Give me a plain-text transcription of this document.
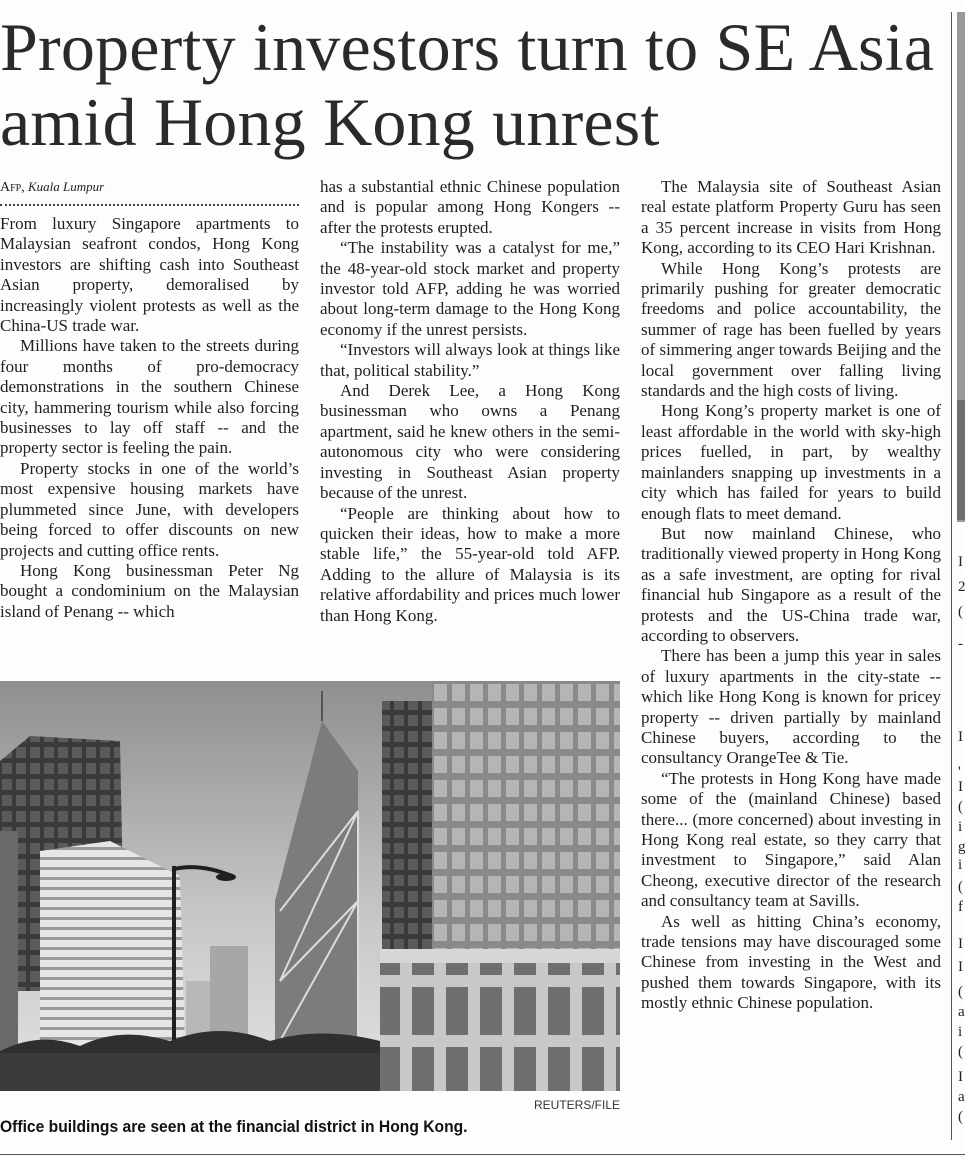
Property investors turn to SE Asia amid Hong Kong unrest
Afp, Kuala Lumpur

From luxury Singapore apartments to Malaysian seafront condos, Hong Kong investors are shifting cash into Southeast Asian property, demoralised by increasingly violent protests as well as the China-US trade war.

Millions have taken to the streets during four months of pro-democracy demonstrations in the southern Chinese city, hammering tourism while also forcing businesses to lay off staff -- and the property sector is feeling the pain.

Property stocks in one of the world’s most expensive housing markets have plummeted since June, with developers being forced to offer discounts on new projects and cutting office rents.

Hong Kong businessman Peter Ng bought a condominium on the Malaysian island of Penang -- which

has a substantial ethnic Chinese population and is popular among Hong Kongers -- after the protests erupted.

“The instability was a catalyst for me,” the 48-year-old stock market and property investor told AFP, adding he was worried about long-term damage to the Hong Kong economy if the unrest persists.

“Investors will always look at things like that, political stability.”

And Derek Lee, a Hong Kong businessman who owns a Penang apartment, said he knew others in the semi-autonomous city who were considering investing in Southeast Asian property because of the unrest.

“People are thinking about how to quicken their ideas, how to make a more stable life,” the 55-year-old told AFP. Adding to the allure of Malaysia is its relative affordability and prices much lower than Hong Kong.

The Malaysia site of Southeast Asian real estate platform Property Guru has seen a 35 percent increase in visits from Hong Kong, according to its CEO Hari Krishnan.

While Hong Kong’s protests are primarily pushing for greater democratic freedoms and police accountability, the summer of rage has been fuelled by years of simmering anger towards Beijing and the local government over falling living standards and the high costs of living.

Hong Kong’s property market is one of least affordable in the world with sky-high prices fuelled, in part, by wealthy mainlanders snapping up investments in a city which has failed for years to build enough flats to meet demand.

But now mainland Chinese, who traditionally viewed property in Hong Kong as a safe investment, are opting for rival financial hub Singapore as a result of the protests and the US-China trade war, according to observers.

There has been a jump this year in sales of luxury apartments in the city-state -- which like Hong Kong is known for pricey property -- driven partially by mainland Chinese buyers, according to the consultancy OrangeTee & Tie.

“The protests in Hong Kong have made some of the (mainland Chinese) based there... (more concerned) about investing in Hong Kong real estate, so they carry that investment to Singapore,” said Alan Cheong, executive director of the research and consultancy team at Savills.

As well as hitting China’s economy, trade tensions may have discouraged some Chinese from investing in the West and pushed them towards Singapore, with its mostly ethnic Chinese population.

REUTERS/FILE
Office buildings are seen at the financial district in Hong Kong.
I
2
(
-
I
'
I
(
i
g
i
(
f
I
I
(
a
i
(
I
a
(
